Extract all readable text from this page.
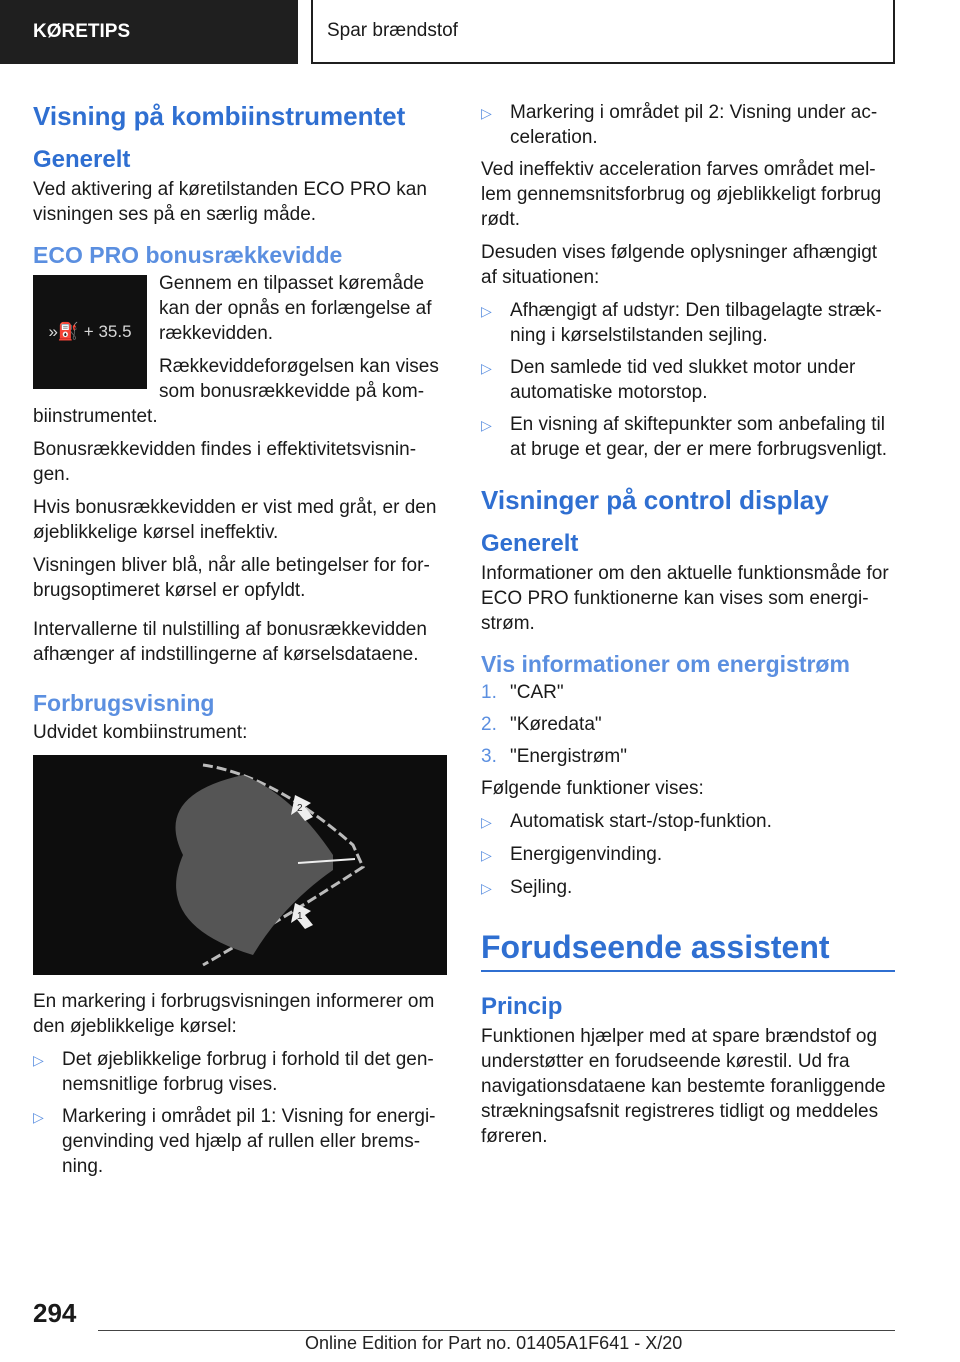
KØRETIPS	Spar brændstof
Visning på kombiinstrumentet
Generelt

Ved aktivering af køretilstanden ECO PRO kan visningen ses på en særlig måde.

ECO PRO bonusrækkevidde
»⛽ + 35.5

Gennem en tilpasset køremåde kan der opnås en forlængelse af rækkevidden.

Rækkeviddeforøgelsen kan vises som bonusrækkevidde på kombiinstrumentet.

Bonusrækkevidden findes i effektivitetsvisningen.

Hvis bonusrækkevidden er vist med gråt, er den øjeblikkelige kørsel ineffektiv.

Visningen bliver blå, når alle betingelser for forbrugsoptimeret kørsel er opfyldt.

Intervallerne til nulstilling af bonusrækkevidden afhænger af indstillingerne af kørselsdataene.

Forbrugsvisning

Udvidet kombiinstrument:

2
1

En markering i forbrugsvisningen informerer om den øjeblikkelige kørsel:

▷ Det øjeblikkelige forbrug i forhold til det gennemsnitlige forbrug vises.
▷ Markering i området pil 1: Visning for energigenvinding ved hjælp af rullen eller bremsning.
▷ Markering i området pil 2: Visning under acceleration.

Ved ineffektiv acceleration farves området mellem gennemsnitsforbrug og øjeblikkeligt forbrug rødt.

Desuden vises følgende oplysninger afhængigt af situationen:

▷ Afhængigt af udstyr: Den tilbagelagte strækning i kørselstilstanden sejling.
▷ Den samlede tid ved slukket motor under automatiske motorstop.
▷ En visning af skiftepunkter som anbefaling til at bruge et gear, der er mere forbrugsvenligt.
Visninger på control display
Generelt

Informationer om den aktuelle funktionsmåde for ECO PRO funktionerne kan vises som energistrøm.

Vis informationer om energistrøm
1. "CAR"
2. "Køredata"
3. "Energistrøm"

Følgende funktioner vises:

▷ Automatisk start-/stop-funktion.
▷ Energigenvinding.
▷ Sejling.
Forudseende assistent
Princip

Funktionen hjælper med at spare brændstof og understøtter en forudseende kørestil. Ud fra navigationsdataene kan bestemte foranliggende strækningsafsnit registreres tidligt og meddeles føreren.

294
Online Edition for Part no. 01405A1F641 - X/20
